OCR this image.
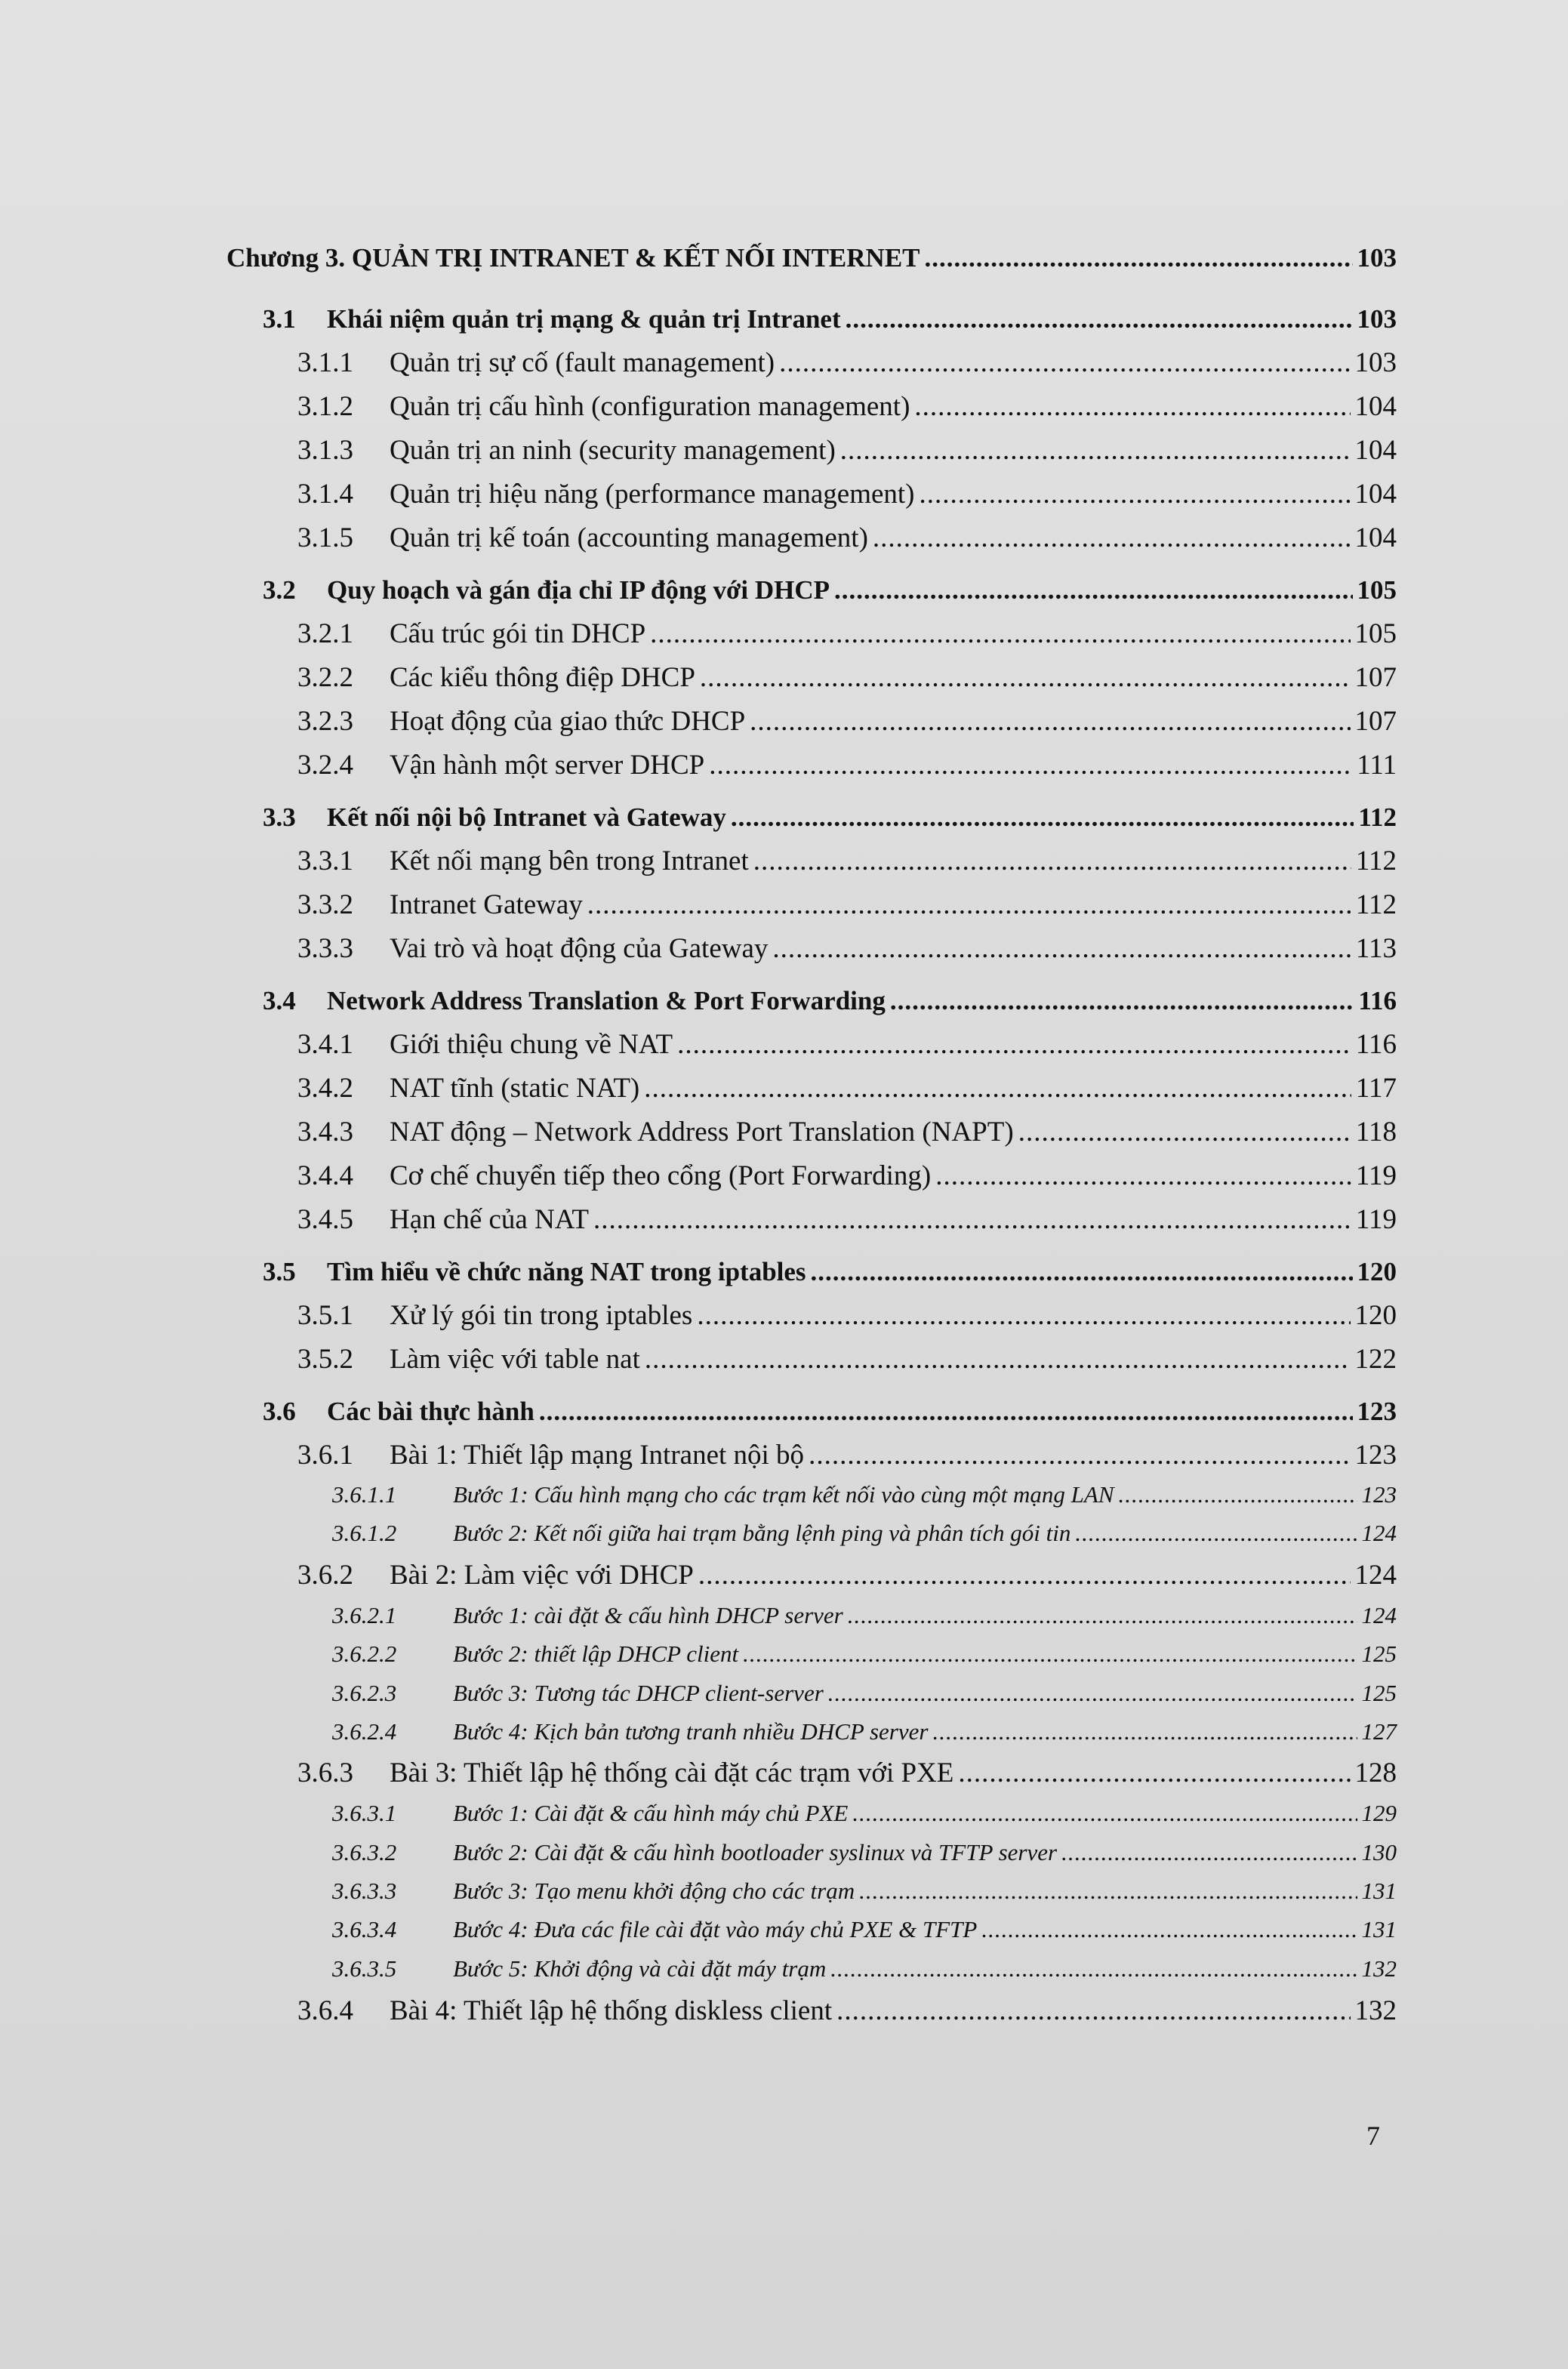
Chương 3. QUẢN TRỊ INTRANET & KẾT NỐI INTERNET .....	103
3.1	Khái niệm quản trị mạng & quản trị Intranet .....	103
3.1.1	Quản trị sự cố (fault management) .....	103
3.1.2	Quản trị cấu hình (configuration management) .....	104
3.1.3	Quản trị an ninh (security management) .....	104
3.1.4	Quản trị hiệu năng (performance management) .....	104
3.1.5	Quản trị kế toán (accounting management) .....	104
3.2	Quy hoạch và gán địa chỉ IP động với DHCP .....	105
3.2.1	Cấu trúc gói tin DHCP .....	105
3.2.2	Các kiểu thông điệp DHCP .....	107
3.2.3	Hoạt động của giao thức DHCP .....	107
3.2.4	Vận hành một server DHCP .....	111
3.3	Kết nối nội bộ Intranet và Gateway .....	112
3.3.1	Kết nối mạng bên trong Intranet .....	112
3.3.2	Intranet Gateway .....	112
3.3.3	Vai trò và hoạt động của Gateway .....	113
3.4	Network Address Translation & Port Forwarding .....	116
3.4.1	Giới thiệu chung về NAT .....	116
3.4.2	NAT tĩnh (static NAT) .....	117
3.4.3	NAT động – Network Address Port Translation (NAPT) .....	118
3.4.4	Cơ chế chuyển tiếp theo cổng (Port Forwarding) .....	119
3.4.5	Hạn chế của NAT .....	119
3.5	Tìm hiểu về chức năng NAT trong iptables .....	120
3.5.1	Xử lý gói tin trong iptables .....	120
3.5.2	Làm việc với table nat .....	122
3.6	Các bài thực hành .....	123
3.6.1	Bài 1: Thiết lập mạng Intranet nội bộ .....	123
3.6.1.1	Bước 1: Cấu hình mạng cho các trạm kết nối vào cùng một mạng LAN .....	123
3.6.1.2	Bước 2: Kết nối giữa hai trạm bằng lệnh ping và phân tích gói tin .....	124
3.6.2	Bài 2: Làm việc với DHCP .....	124
3.6.2.1	Bước 1: cài đặt & cấu hình DHCP server .....	124
3.6.2.2	Bước 2: thiết lập DHCP client .....	125
3.6.2.3	Bước 3: Tương tác DHCP client-server .....	125
3.6.2.4	Bước 4: Kịch bản tương tranh nhiều DHCP server .....	127
3.6.3	Bài 3: Thiết lập hệ thống cài đặt các trạm với PXE .....	128
3.6.3.1	Bước 1: Cài đặt & cấu hình máy chủ PXE .....	129
3.6.3.2	Bước 2: Cài đặt & cấu hình bootloader syslinux và TFTP server .....	130
3.6.3.3	Bước 3: Tạo menu khởi động cho các trạm .....	131
3.6.3.4	Bước 4: Đưa các file cài đặt vào máy chủ PXE & TFTP .....	131
3.6.3.5	Bước 5: Khởi động và cài đặt máy trạm .....	132
3.6.4	Bài 4: Thiết lập hệ thống diskless client .....	132
7
